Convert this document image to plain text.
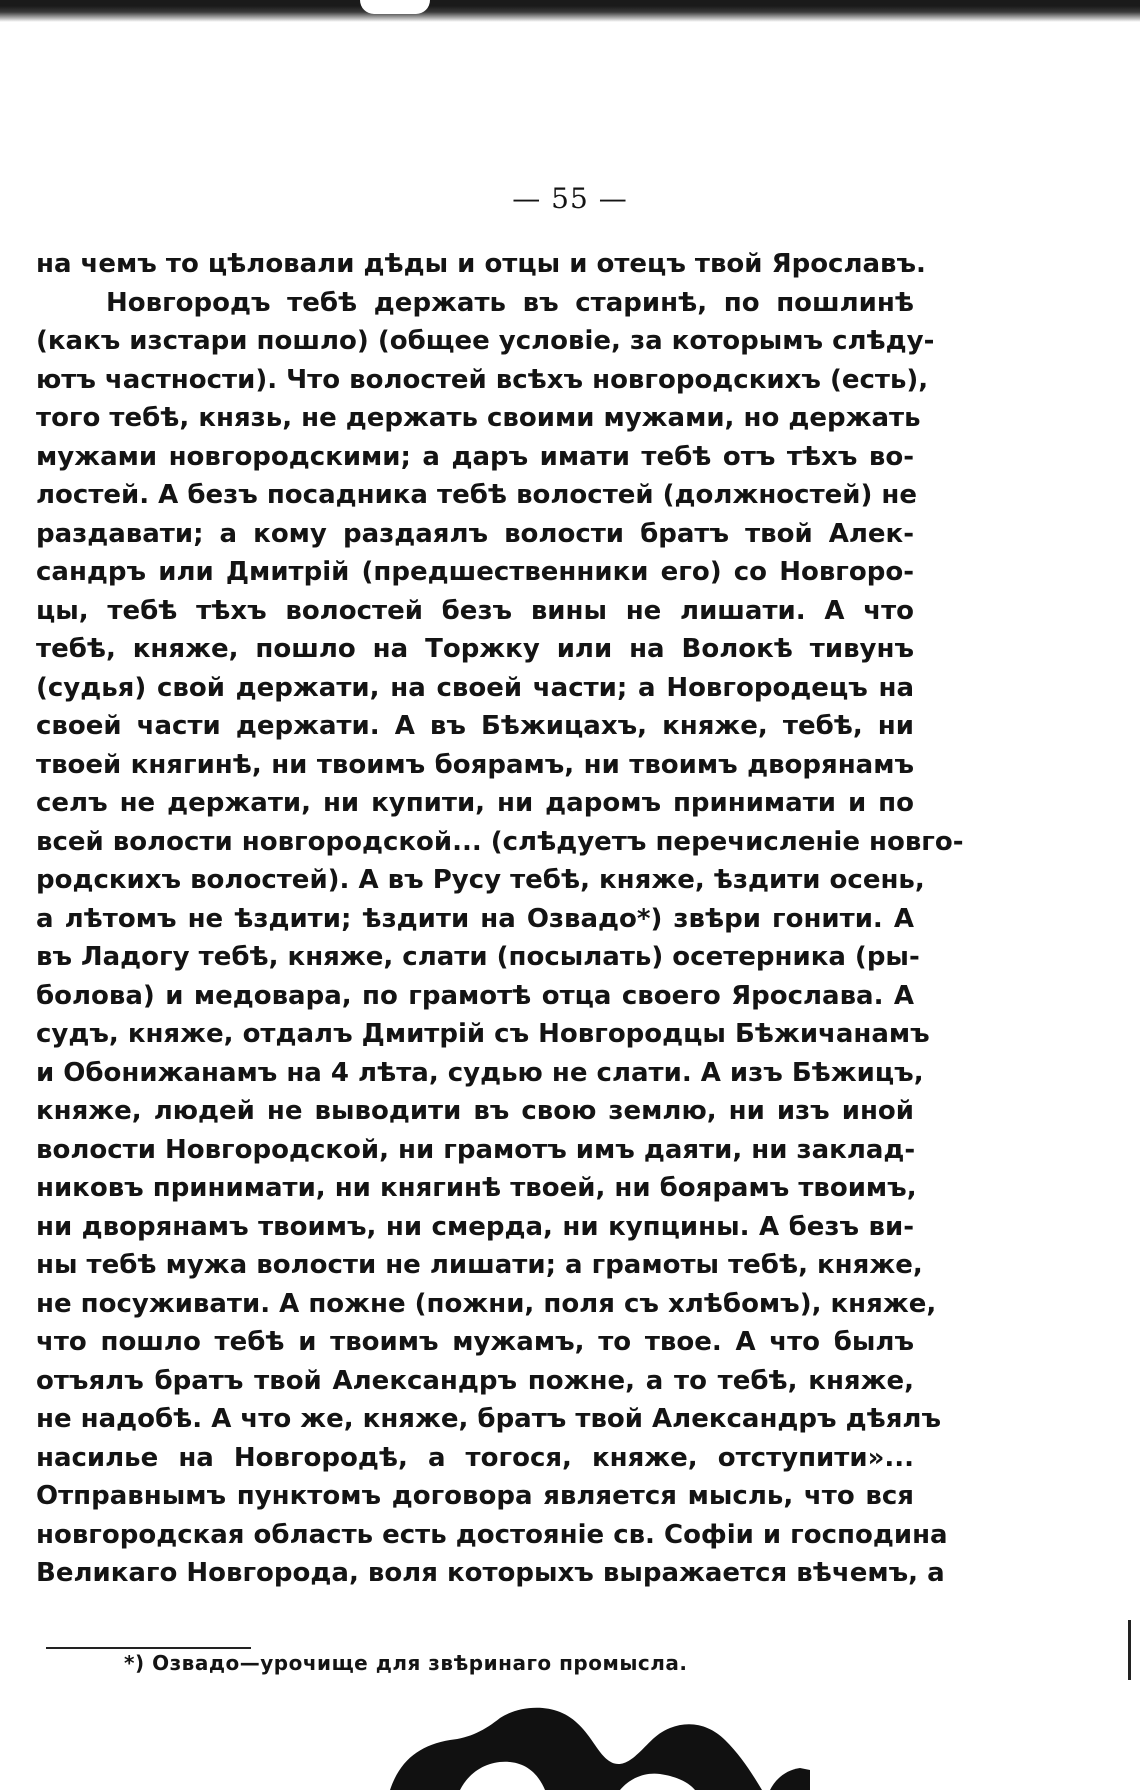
— 55 —
на чемъ то цѣловали дѣды и отцы и отецъ твой Ярославъ.
Новгородъ тебѣ держать въ старинѣ, по пошлинѣ
(какъ изстари пошло) (общее условіе, за которымъ слѣду-
ютъ частности). Что волостей всѣхъ новгородскихъ (есть),
того тебѣ, князь, не держать своими мужами, но держать
мужами новгородскими; а даръ имати тебѣ отъ тѣхъ во-
лостей. А безъ посадника тебѣ волостей (должностей) не
раздавати; а кому раздаялъ волости братъ твой Алек-
сандръ или Дмитрій (предшественники его) со Новгоро-
цы, тебѣ тѣхъ волостей безъ вины не лишати. А что
тебѣ, княже, пошло на Торжку или на Волокѣ тивунъ
(судья) свой держати, на своей части; а Новгородецъ на
своей части держати. А въ Бѣжицахъ, княже, тебѣ, ни
твоей княгинѣ, ни твоимъ боярамъ, ни твоимъ дворянамъ
селъ не держати, ни купити, ни даромъ принимати и по
всей волости новгородской... (слѣдуетъ перечисленіе новго-
родскихъ волостей). А въ Русу тебѣ, княже, ѣздити осень,
а лѣтомъ не ѣздити; ѣздити на Озвадо*) звѣри гонити. А
въ Ладогу тебѣ, княже, слати (посылать) осетерника (ры-
болова) и медовара, по грамотѣ отца своего Ярослава. А
судъ, княже, отдалъ Дмитрій съ Новгородцы Бѣжичанамъ
и Обонижанамъ на 4 лѣта, судью не слати. А изъ Бѣжицъ,
княже, людей не выводити въ свою землю, ни изъ иной
волости Новгородской, ни грамотъ имъ даяти, ни заклад-
никовъ принимати, ни княгинѣ твоей, ни боярамъ твоимъ,
ни дворянамъ твоимъ, ни смерда, ни купцины. А безъ ви-
ны тебѣ мужа волости не лишати; а грамоты тебѣ, княже,
не посуживати. А пожне (пожни, поля съ хлѣбомъ), княже,
что пошло тебѣ и твоимъ мужамъ, то твое. А что былъ
отъялъ братъ твой Александръ пожне, а то тебѣ, княже,
не надобѣ. А что же, княже, братъ твой Александръ дѣялъ
насилье на Новгородѣ, а тогося, княже, отступити»...
Отправнымъ пунктомъ договора является мысль, что вся
новгородская область есть достояніе св. Софіи и господина
Великаго Новгорода, воля которыхъ выражается вѣчемъ, а
*) Озвадо—урочище для звѣринаго промысла.
